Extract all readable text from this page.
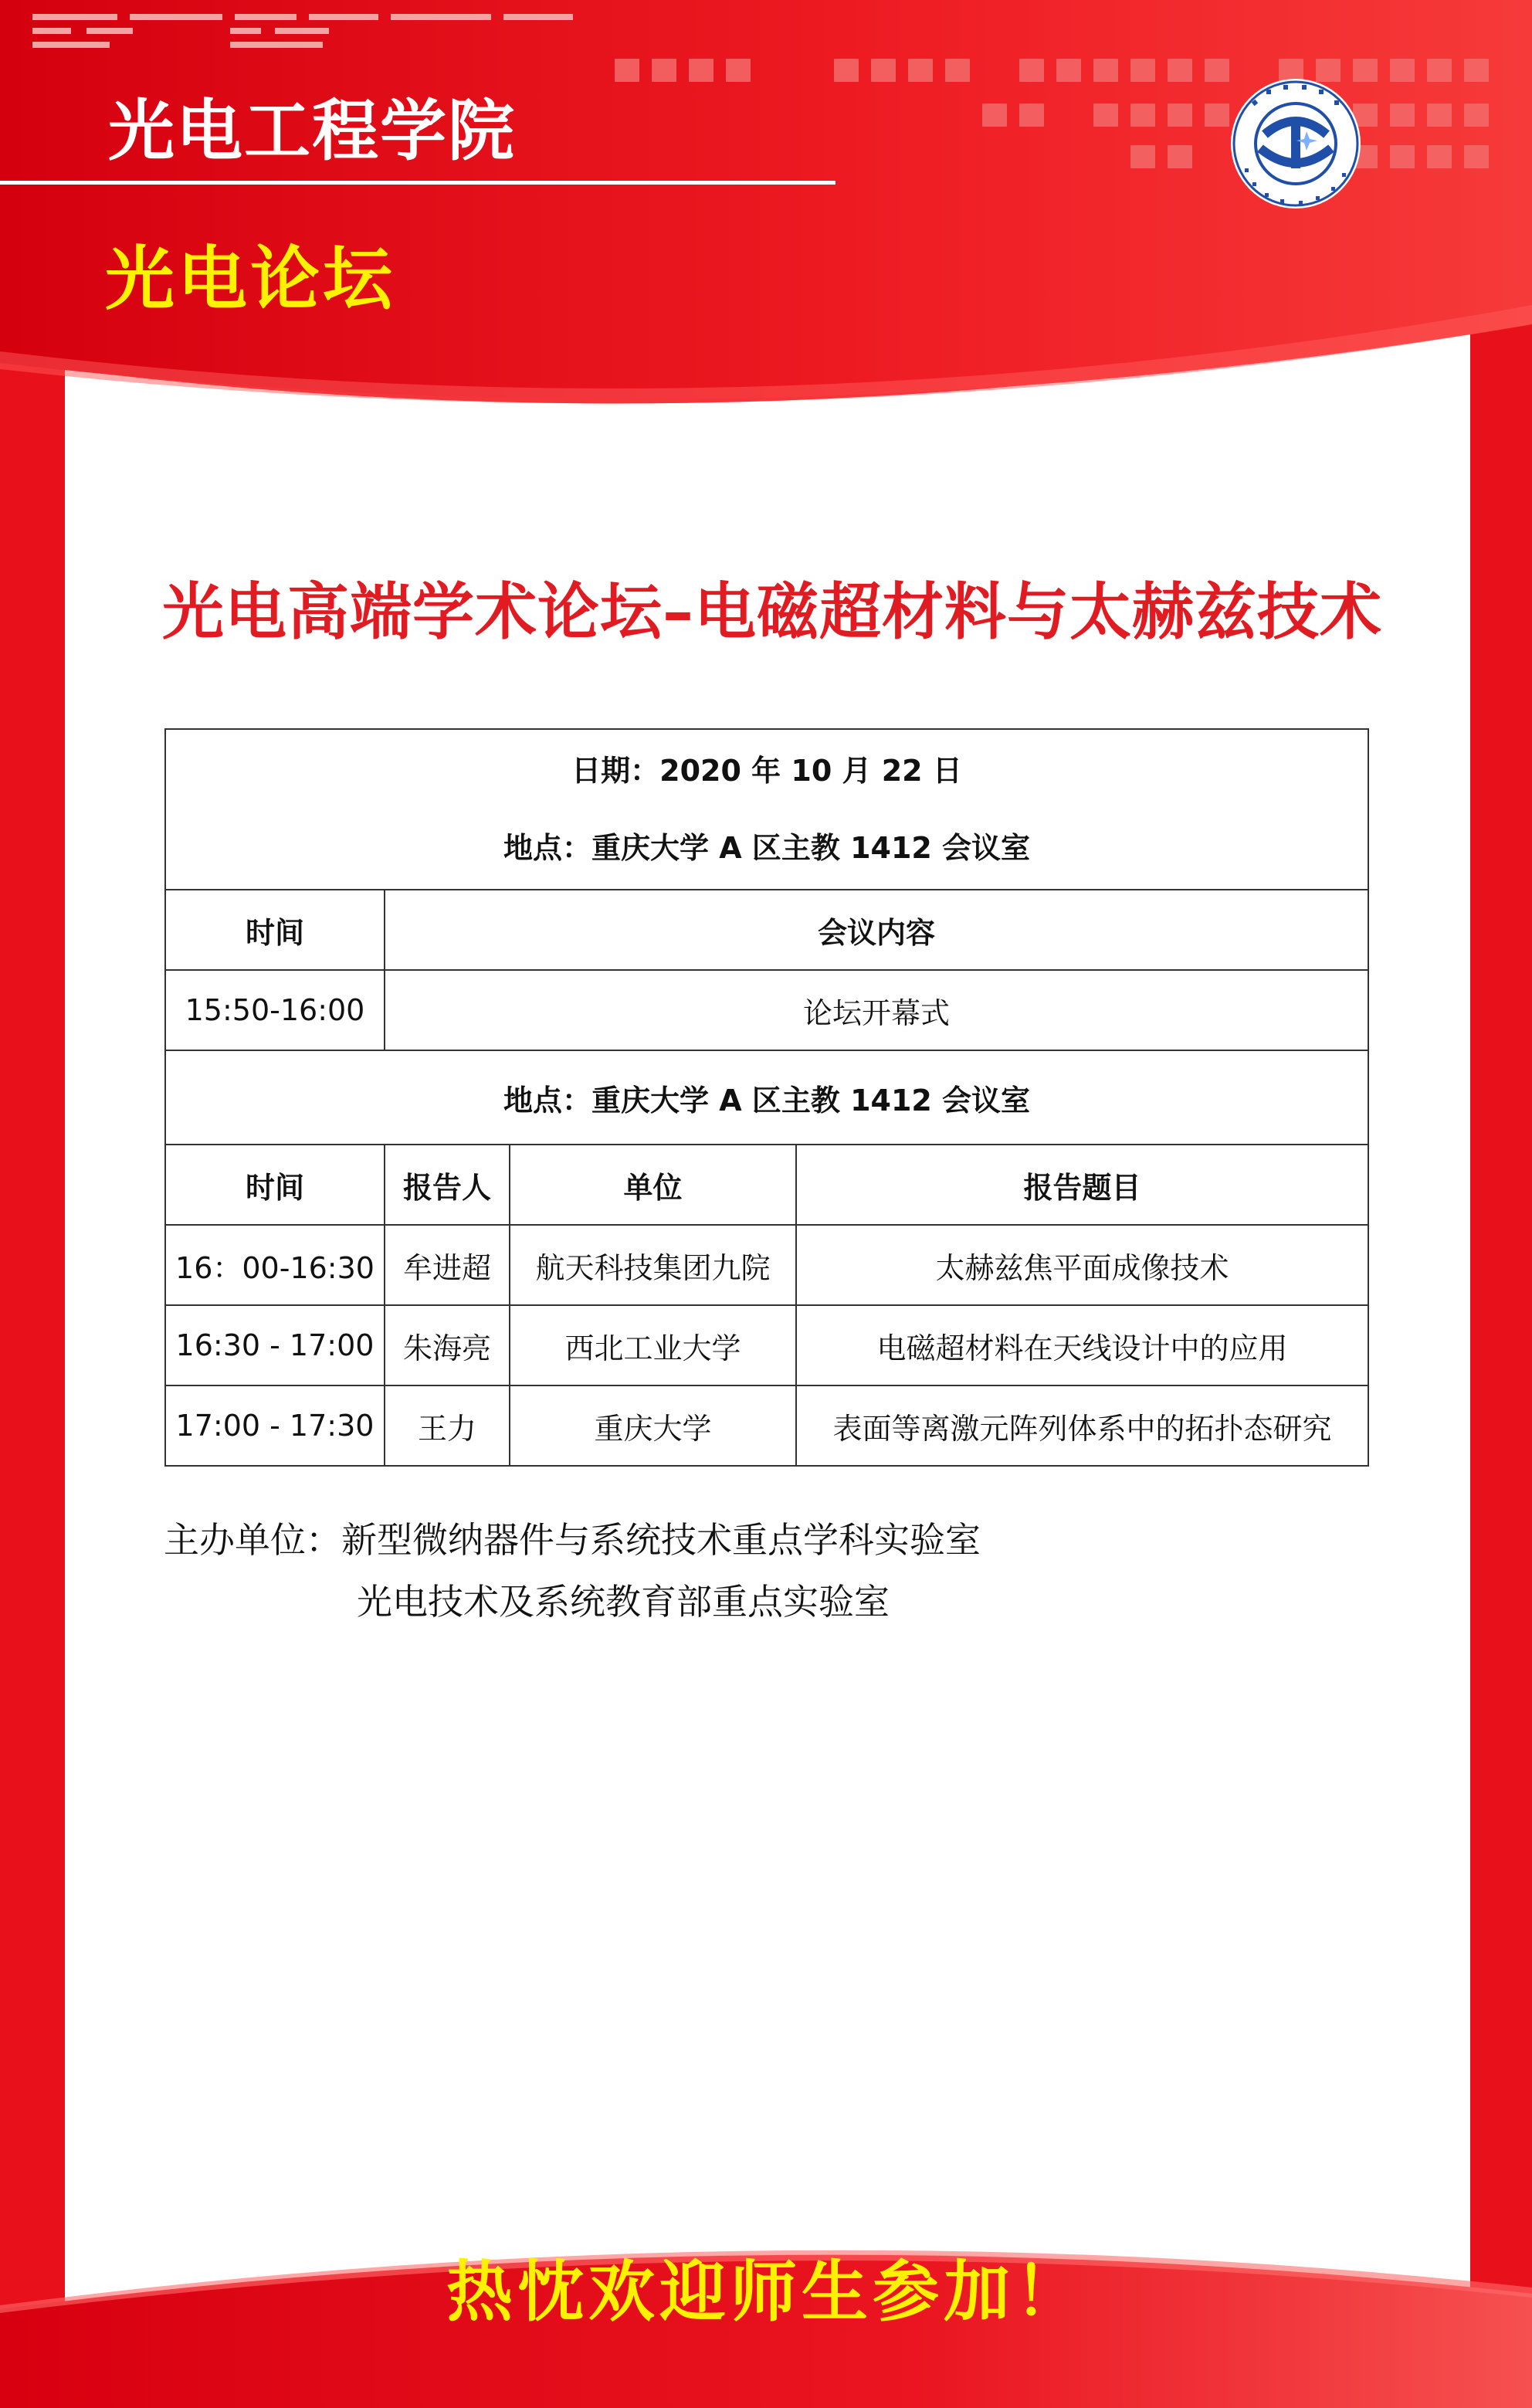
光电工程学院
光电论坛
光电高端学术论坛–电磁超材料与太赫兹技术
日期：2020 年 10 月 22 日
地点：重庆大学 A 区主教 1412 会议室			

时间	会议内容		
15:50-16:00	论坛开幕式		
地点：重庆大学 A 区主教 1412 会议室			
时间	报告人	单位	报告题目
16：00-16:30	牟进超	航天科技集团九院	太赫兹焦平面成像技术
16:30 - 17:00	朱海亮	西北工业大学	电磁超材料在天线设计中的应用
17:00 - 17:30	王力	重庆大学	表面等离激元阵列体系中的拓扑态研究
主办单位：新型微纳器件与系统技术重点学科实验室
光电技术及系统教育部重点实验室
热忱欢迎师生参加！
